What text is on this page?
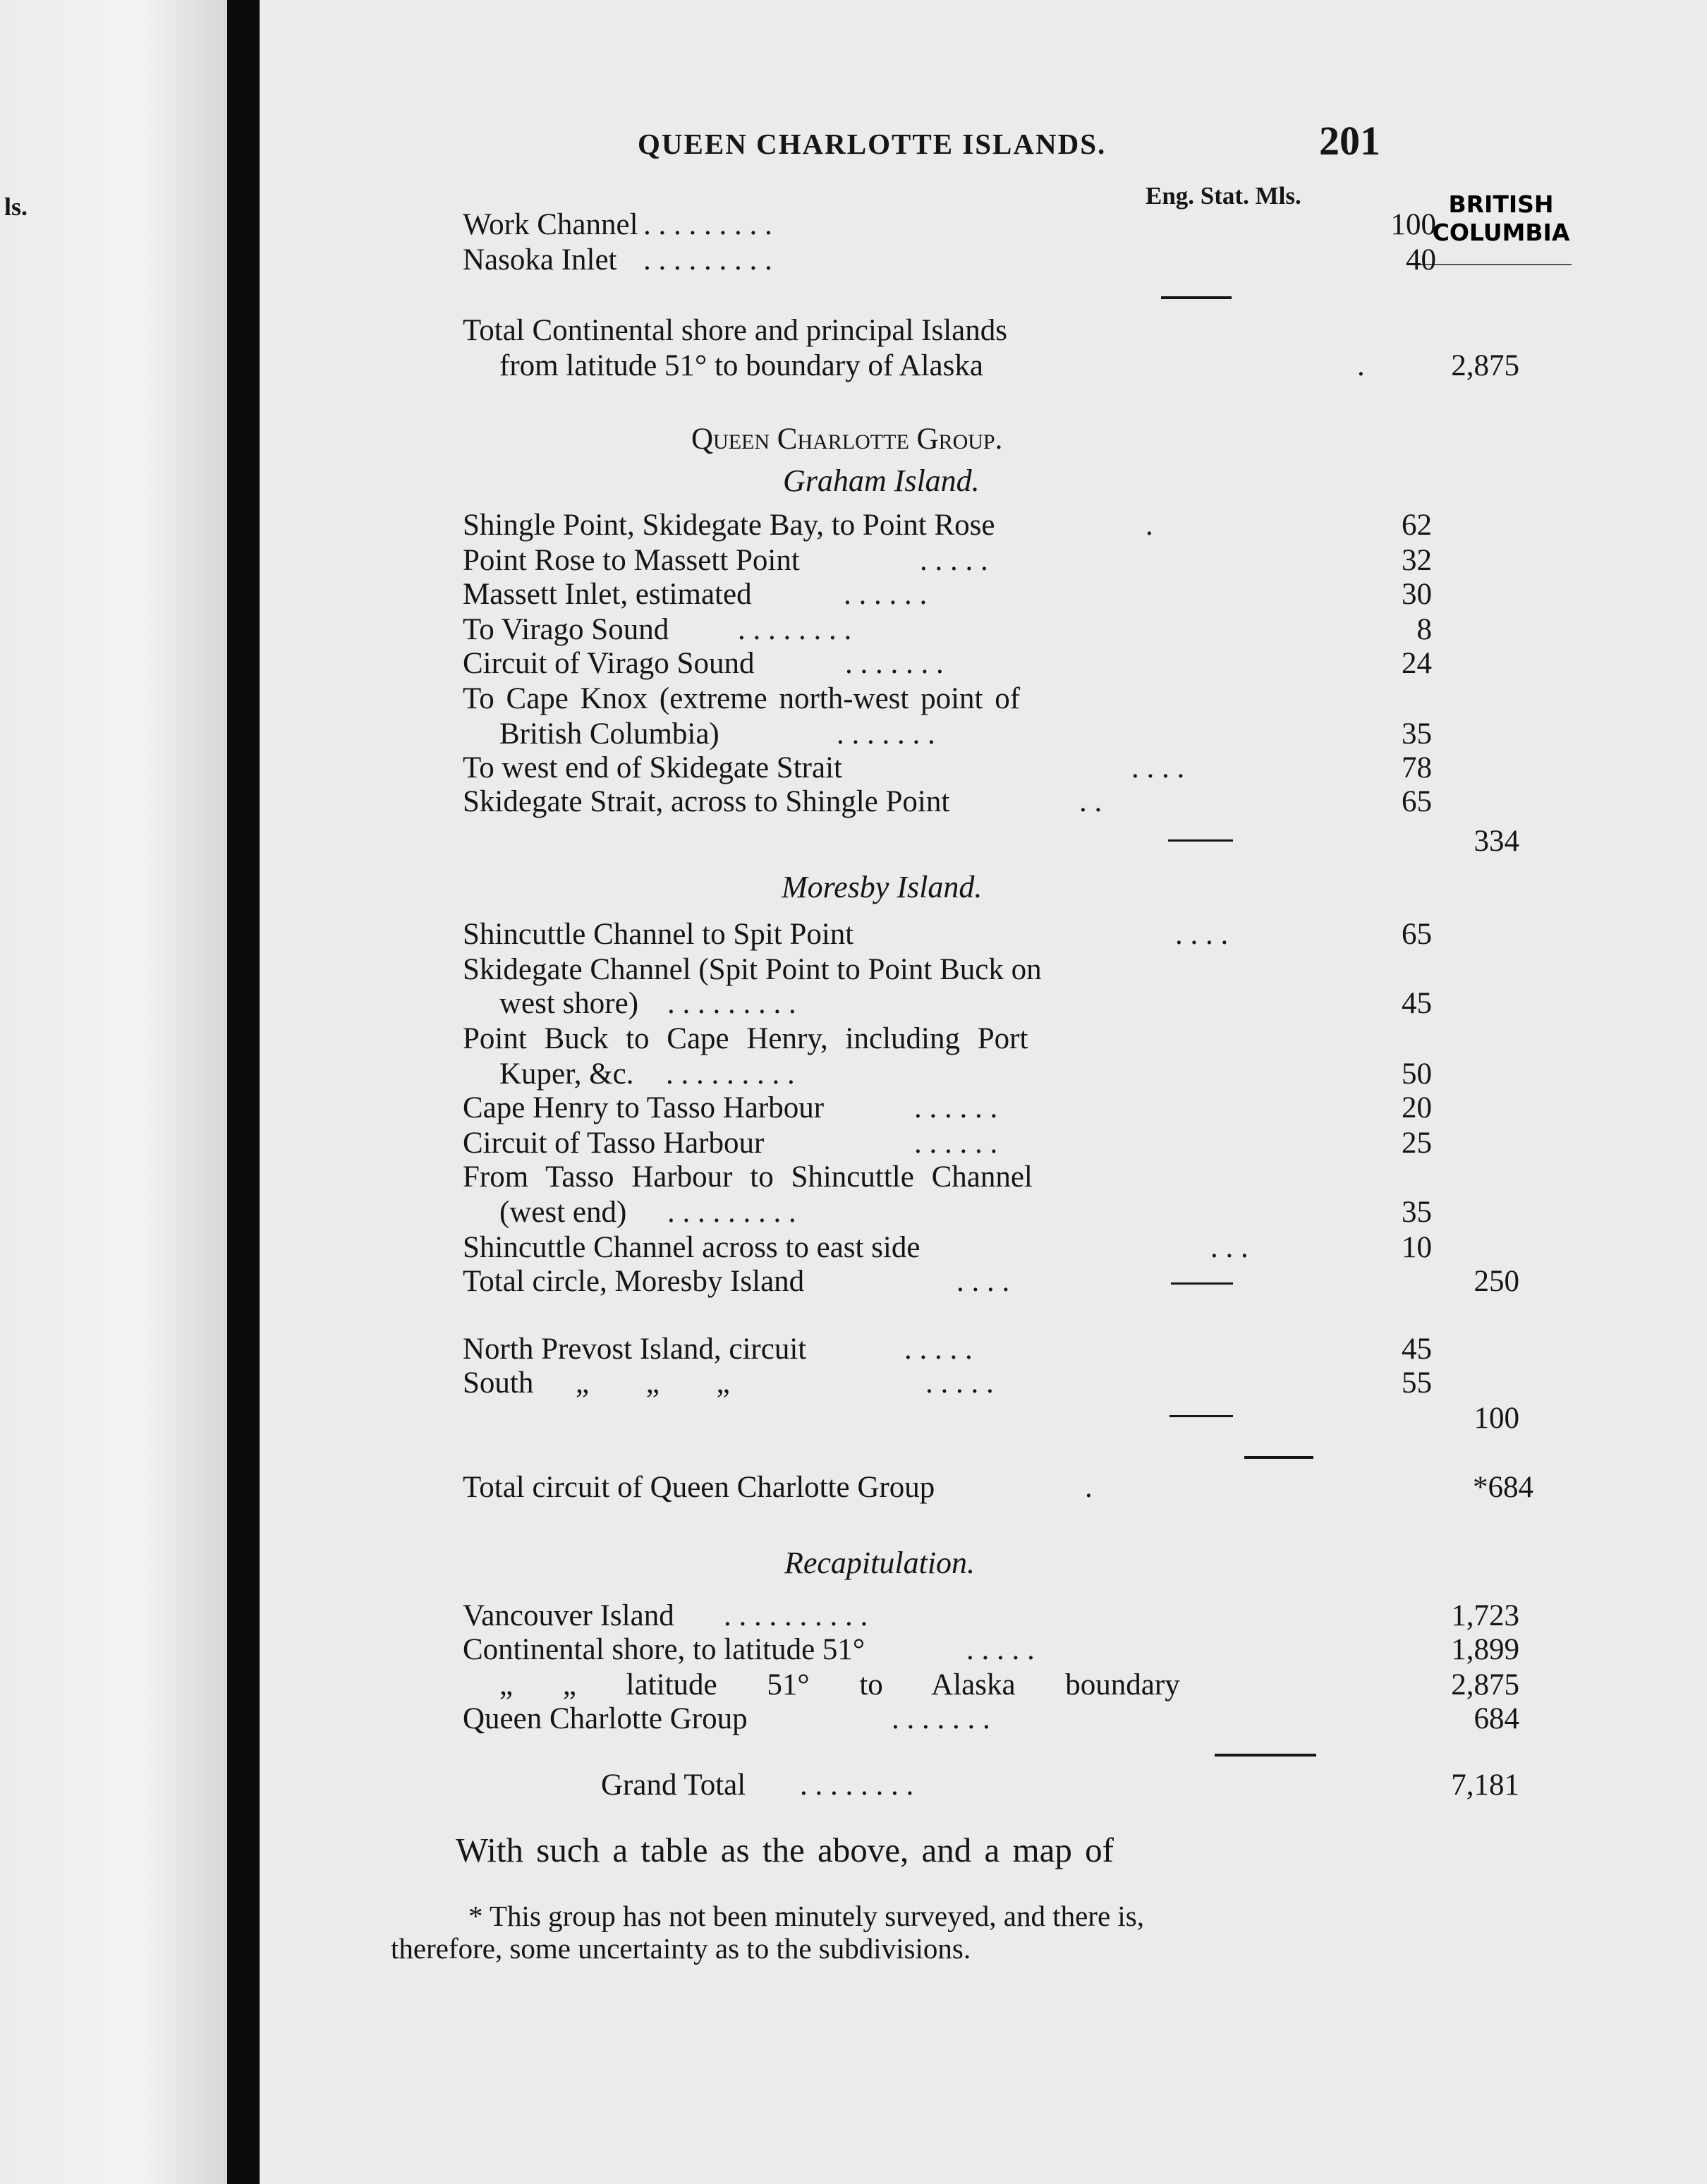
ls.
QUEEN CHARLOTTE ISLANDS.	201
Eng. Stat. Mls.	BRITISH
COLUMBIA
Work Channel . . . . . . . . .	100
Nasoka Inlet . . . . . . . . .	40
Total Continental shore and principal Islands
from latitude 51° to boundary of Alaska	.	2,875
Queen Charlotte Group.
Graham Island.
Shingle Point, Skidegate Bay, to Point Rose	.	62
Point Rose to Massett Point	. . . . .	32
Massett Inlet, estimated	. . . . . .	30
To Virago Sound . . . . . . . .	8
Circuit of Virago Sound	. . . . . . .	24
To Cape Knox (extreme north-west point of
British Columbia)	. . . . . . .	35
To west end of Skidegate Strait	. . . .	78
Skidegate Strait, across to Shingle Point	. .	65
334
Moresby Island.
Shincuttle Channel to Spit Point	. . . .	65
Skidegate Channel (Spit Point to Point Buck on
west shore) . . . . . . . . .	45
Point Buck to Cape Henry, including Port
Kuper, &c. . . . . . . . . .	50
Cape Henry to Tasso Harbour	. . . . . .	20
Circuit of Tasso Harbour	. . . . . .	25
From Tasso Harbour to Shincuttle Channel
(west end) . . . . . . . . .	35
Shincuttle Channel across to east side	. . .	10
Total circle, Moresby Island	. . . .	250
North Prevost Island, circuit	. . . . .	45
South „ „ „	. . . . .	55
100
Total circuit of Queen Charlotte Group	.	684*
Recapitulation.
Vancouver Island . . . . . . . . . .	1,723
Continental shore, to latitude 51°	. . . . .	1,899
„ „ latitude 51° to Alaska boundary	2,875
Queen Charlotte Group	. . . . . . .	684
Grand Total . . . . . . . .	7,181
With such a table as the above, and a map of
* This group has not been minutely surveyed, and there is,
therefore, some uncertainty as to the subdivisions.
